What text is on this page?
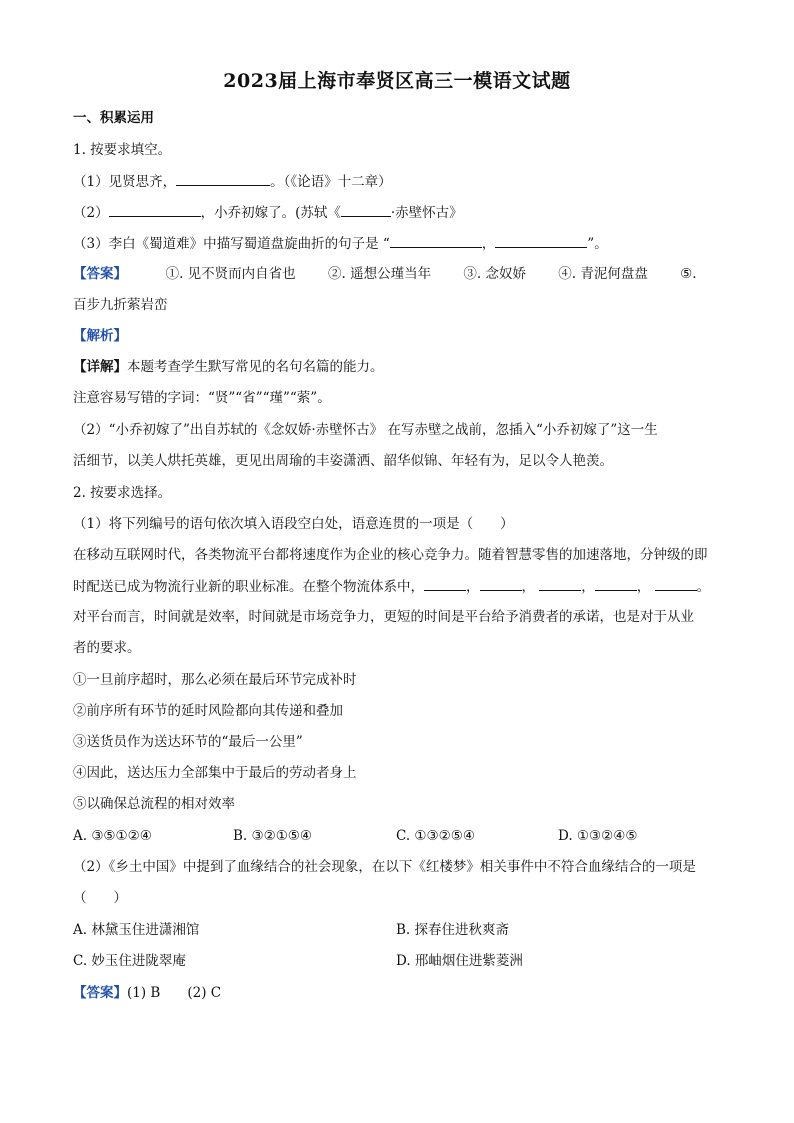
2023届上海市奉贤区高三一模语文试题
一、积累运用
1. 按要求填空。
（1）见贤思齐，	。（《论语》十二章）
（2）	，小乔初嫁了。(苏轼《	·赤壁怀古》
（3）李白《蜀道难》中描写蜀道盘旋曲折的句子是 “	，	”。
【答案】	①. 见不贤而内自省也 ②. 遥想公瑾当年 ③. 念奴娇 ④. 青泥何盘盘 ⑤.
百步九折萦岩峦
【解析】
【详解】本题考查学生默写常见的名句名篇的能力。
注意容易写错的字词：“贤”“省”“瑾”“萦”。
（2）“小乔初嫁了”出自苏轼的《念奴娇·赤壁怀古》 在写赤壁之战前，忽插入“小乔初嫁了”这一生
活细节，以美人烘托英雄，更见出周瑜的丰姿潇洒、韶华似锦、年轻有为，足以令人艳羡。
2. 按要求选择。
（1）将下列编号的语句依次填入语段空白处，语意连贯的一项是（　　）
在移动互联网时代，各类物流平台都将速度作为企业的核心竞争力。随着智慧零售的加速落地，分钟级的即
时配送已成为物流行业新的职业标准。在整个物流体系中，	，	，	，	，	。
对平台而言，时间就是效率，时间就是市场竞争力，更短的时间是平台给予消费者的承诺，也是对于从业
者的要求。
①一旦前序超时，那么必须在最后环节完成补时
②前序所有环节的延时风险都向其传递和叠加
③送货员作为送达环节的“最后一公里”
④因此，送达压力全部集中于最后的劳动者身上
⑤以确保总流程的相对效率
A. ③⑤①②④	B. ③②①⑤④	C. ①③②⑤④	D. ①③②④⑤
（2）《乡土中国》中提到了血缘结合的社会现象，在以下《红楼梦》相关事件中不符合血缘结合的一项是
（　　）
A. 林黛玉住进潇湘馆	B. 探春住进秋爽斋
C. 妙玉住进陇翠庵	D. 邢岫烟住进紫菱洲
【答案】(1) B　　(2) C
